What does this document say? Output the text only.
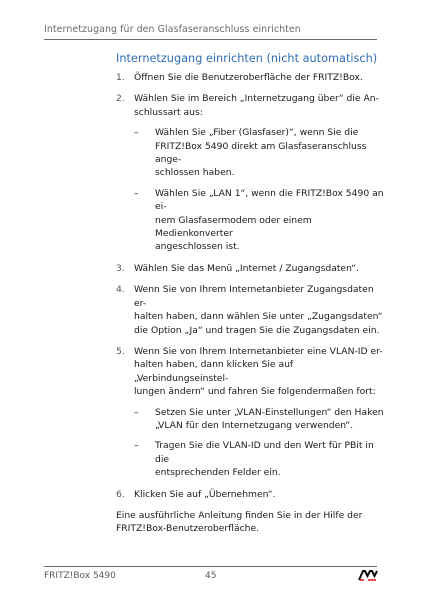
Internetzugang für den Glasfaseranschluss einrichten
Internetzugang einrichten (nicht automatisch)
1. Öffnen Sie die Benutzeroberfläche der FRITZ!Box.
2. Wählen Sie im Bereich „Internetzugang über“ die An-
schlussart aus:
– Wählen Sie „Fiber (Glasfaser)“, wenn Sie die
FRITZ!Box 5490 direkt am Glasfaseranschluss ange-
schlossen haben.
– Wählen Sie „LAN 1“, wenn die FRITZ!Box 5490 an ei-
nem Glasfasermodem oder einem Medienkonverter
angeschlossen ist.
3. Wählen Sie das Menü „Internet / Zugangsdaten“.
4. Wenn Sie von Ihrem Internetanbieter Zugangsdaten er-
halten haben, dann wählen Sie unter „Zugangsdaten“
die Option „Ja“ und tragen Sie die Zugangsdaten ein.
5. Wenn Sie von Ihrem Internetanbieter eine VLAN-ID er-
halten haben, dann klicken Sie auf „Verbindungseinstel-
lungen ändern“ und fahren Sie folgendermaßen fort:
– Setzen Sie unter „VLAN-Einstellungen“ den Haken
„VLAN für den Internetzugang verwenden“.
– Tragen Sie die VLAN-ID und den Wert für PBit in die
entsprechenden Felder ein.
6. Klicken Sie auf „Übernehmen“.
Eine ausführliche Anleitung finden Sie in der Hilfe der
FRITZ!Box-Benutzeroberfläche.
FRITZ!Box 5490	45
